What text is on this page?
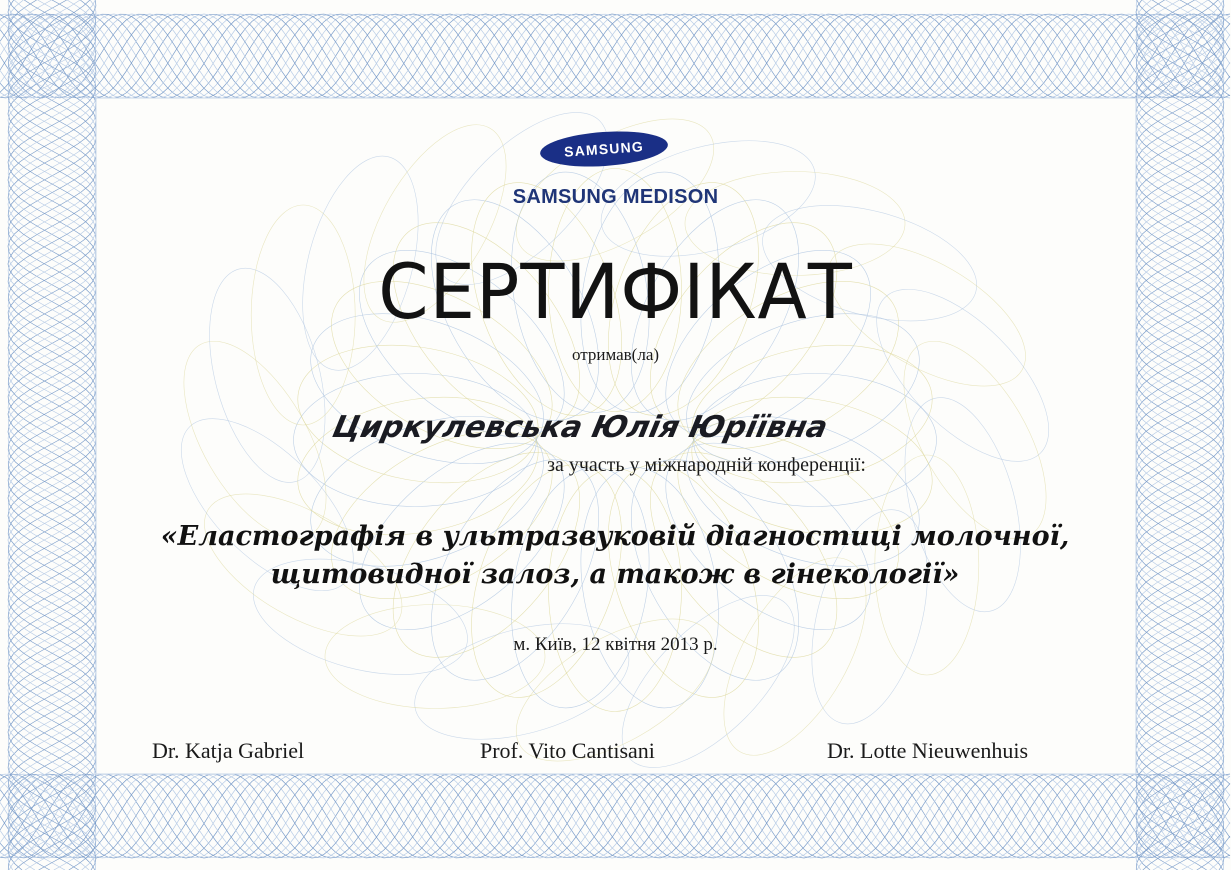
SAMSUNG
SAMSUNG MEDISON
СЕРТИФІКАТ
отримав(ла)
Циркулевська Юлія Юріївна
за участь у міжнародній конференції:
«Еластографія в ультразвуковій діагностиці молочної,
щитовидної залоз, а також в гінекології»
м. Київ, 12 квітня 2013 р.
Dr. Katja Gabriel	Prof. Vito Cantisani	Dr. Lotte Nieuwenhuis
